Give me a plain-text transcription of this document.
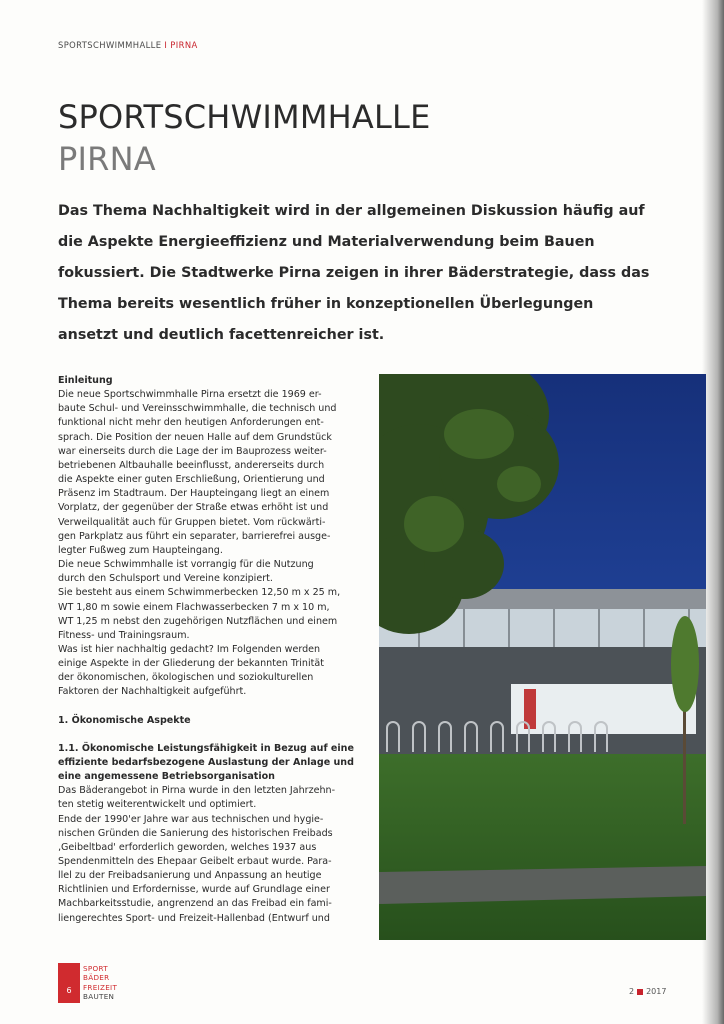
SPORTSCHWIMMHALLE I PIRNA
SPORTSCHWIMMHALLE
PIRNA

Das Thema Nachhaltigkeit wird in der allgemeinen Diskussion häufig auf
die Aspekte Energieeffizienz und Materialverwendung beim Bauen
fokussiert. Die Stadtwerke Pirna zeigen in ihrer Bäderstrategie, dass das
Thema bereits wesentlich früher in konzeptionellen Überlegungen
ansetzt und deutlich facettenreicher ist.

Einleitung

Die neue Sportschwimmhalle Pirna ersetzt die 1969 er-
baute Schul- und Vereinsschwimmhalle, die technisch und
funktional nicht mehr den heutigen Anforderungen ent-
sprach. Die Position der neuen Halle auf dem Grundstück
war einerseits durch die Lage der im Bauprozess weiter-
betriebenen Altbauhalle beeinflusst, andererseits durch
die Aspekte einer guten Erschließung, Orientierung und
Präsenz im Stadtraum. Der Haupteingang liegt an einem
Vorplatz, der gegenüber der Straße etwas erhöht ist und
Verweilqualität auch für Gruppen bietet. Vom rückwärti-
gen Parkplatz aus führt ein separater, barrierefrei ausge-
legter Fußweg zum Haupteingang.

Die neue Schwimmhalle ist vorrangig für die Nutzung
durch den Schulsport und Vereine konzipiert.
Sie besteht aus einem Schwimmerbecken 12,50 m x 25 m,
WT 1,80 m sowie einem Flachwasserbecken 7 m x 10 m,
WT 1,25 m nebst den zugehörigen Nutzflächen und einem
Fitness- und Trainingsraum.

Was ist hier nachhaltig gedacht? Im Folgenden werden
einige Aspekte in der Gliederung der bekannten Trinität
der ökonomischen, ökologischen und soziokulturellen
Faktoren der Nachhaltigkeit aufgeführt.

1. Ökonomische Aspekte

1.1. Ökonomische Leistungsfähigkeit in Bezug auf eine
effiziente bedarfsbezogene Auslastung der Anlage und
eine angemessene Betriebsorganisation

Das Bäderangebot in Pirna wurde in den letzten Jahrzehn-
ten stetig weiterentwickelt und optimiert.

Ende der 1990'er Jahre war aus technischen und hygie-
nischen Gründen die Sanierung des historischen Freibads
‚Geibeltbad' erforderlich geworden, welches 1937 aus
Spendenmitteln des Ehepaar Geibelt erbaut wurde. Para-
llel zu der Freibadsanierung und Anpassung an heutige
Richtlinien und Erfordernisse, wurde auf Grundlage einer
Machbarkeitsstudie, angrenzend an das Freibad ein fami-
liengerechtes Sport- und Freizeit-Hallenbad (Entwurf und

6
SPORT
BÄDER
FREIZEIT
BAUTEN
2 2017
